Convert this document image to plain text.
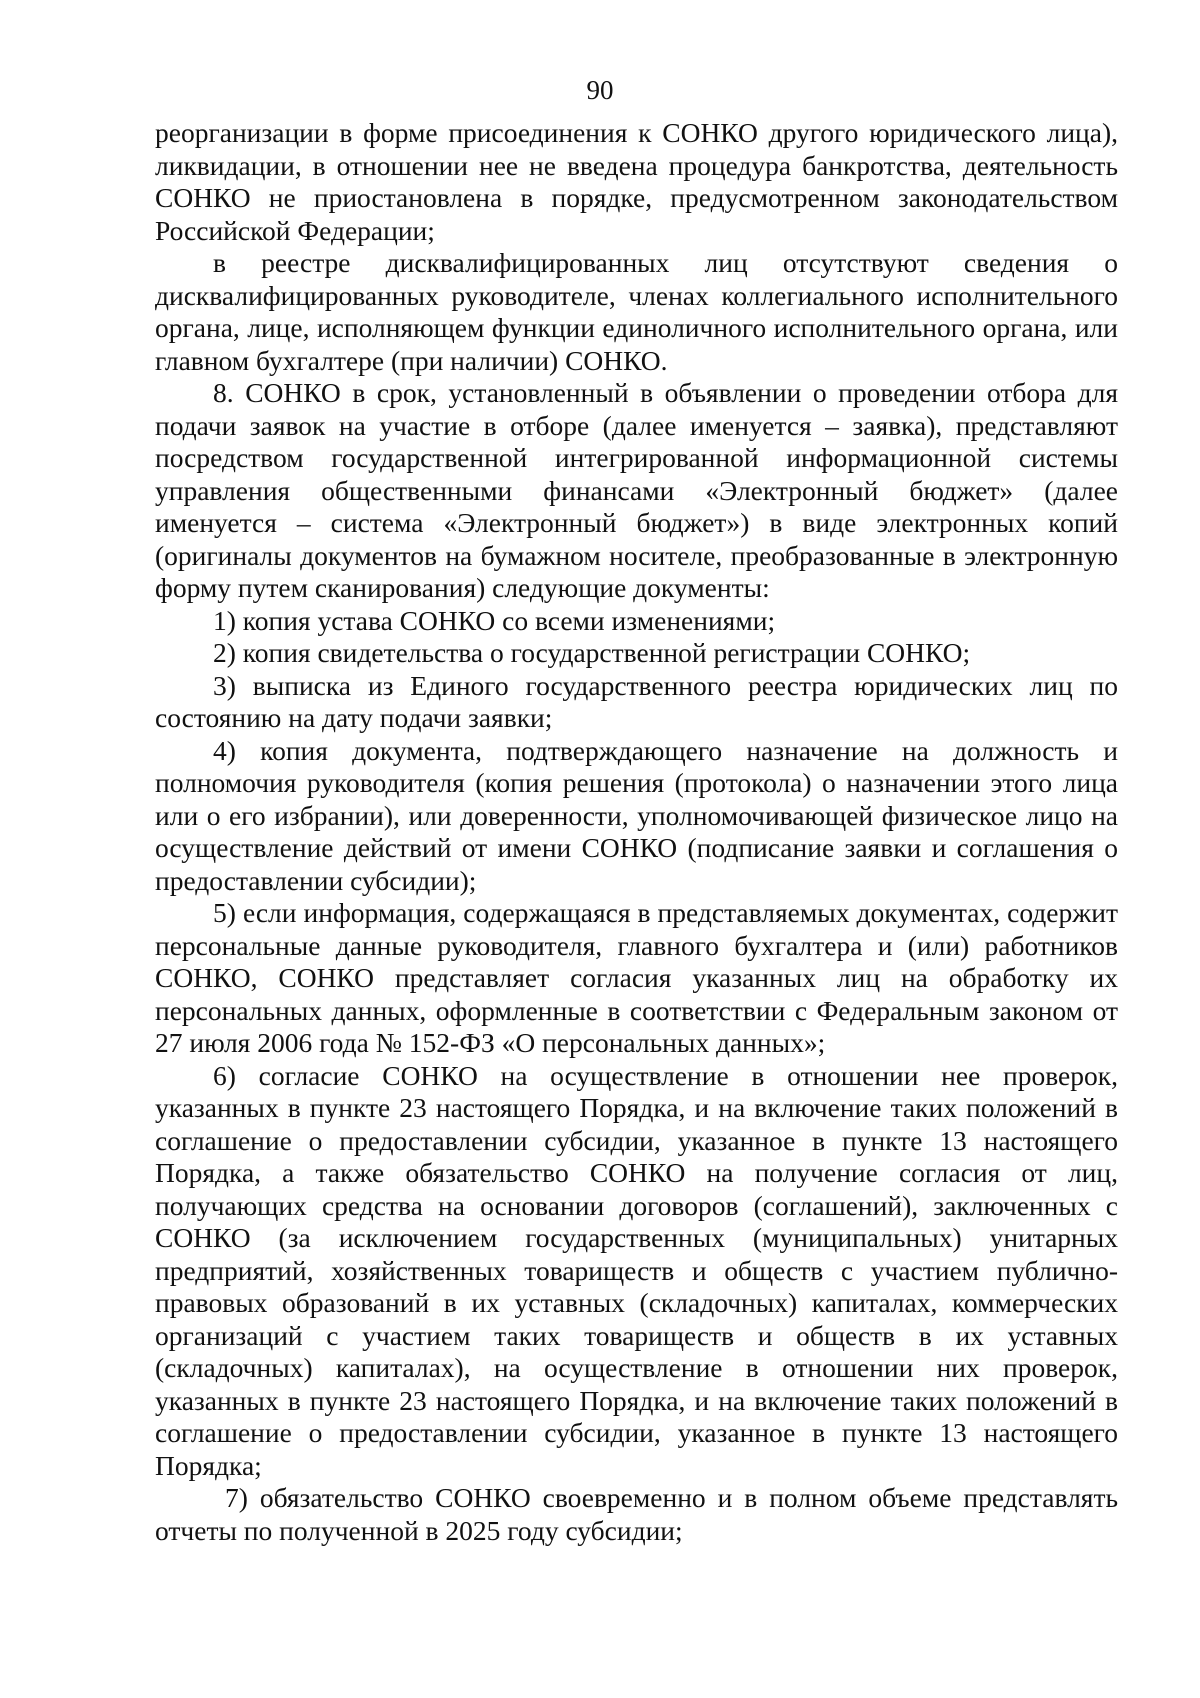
90

реорганизации в форме присоединения к СОНКО другого юридического лица), ликвидации, в отношении нее не введена процедура банкротства, деятельность СОНКО не приостановлена в порядке, предусмотренном законодательством Российской Федерации;

в реестре дисквалифицированных лиц отсутствуют сведения о дисквалифицированных руководителе, членах коллегиального исполнительного органа, лице, исполняющем функции единоличного исполнительного органа, или главном бухгалтере (при наличии) СОНКО.

8. СОНКО в срок, установленный в объявлении о проведении отбора для подачи заявок на участие в отборе (далее именуется – заявка), представляют посредством государственной интегрированной информационной системы управления общественными финансами «Электронный бюджет» (далее именуется – система «Электронный бюджет») в виде электронных копий (оригиналы документов на бумажном носителе, преобразованные в электронную форму путем сканирования) следующие документы:

1) копия устава СОНКО со всеми изменениями;

2) копия свидетельства о государственной регистрации СОНКО;

3) выписка из Единого государственного реестра юридических лиц по состоянию на дату подачи заявки;

4) копия документа, подтверждающего назначение на должность и полномочия руководителя (копия решения (протокола) о назначении этого лица или о его избрании), или доверенности, уполномочивающей физическое лицо на осуществление действий от имени СОНКО (подписание заявки и соглашения о предоставлении субсидии);

5) если информация, содержащаяся в представляемых документах, содержит персональные данные руководителя, главного бухгалтера и (или) работников СОНКО, СОНКО представляет согласия указанных лиц на обработку их персональных данных, оформленные в соответствии с Федеральным законом от 27 июля 2006 года № 152-ФЗ «О персональных данных»;

6) согласие СОНКО на осуществление в отношении нее проверок, указанных в пункте 23 настоящего Порядка, и на включение таких положений в соглашение о предоставлении субсидии, указанное в пункте 13 настоящего Порядка, а также обязательство СОНКО на получение согласия от лиц, получающих средства на основании договоров (соглашений), заключенных с СОНКО (за исключением государственных (муниципальных) унитарных предприятий, хозяйственных товариществ и обществ с участием публично-правовых образований в их уставных (складочных) капиталах, коммерческих организаций с участием таких товариществ и обществ в их уставных (складочных) капиталах), на осуществление в отношении них проверок, указанных в пункте 23 настоящего Порядка, и на включение таких положений в соглашение о предоставлении субсидии, указанное в пункте 13 настоящего Порядка;

7) обязательство СОНКО своевременно и в полном объеме представлять отчеты по полученной в 2025 году субсидии;
